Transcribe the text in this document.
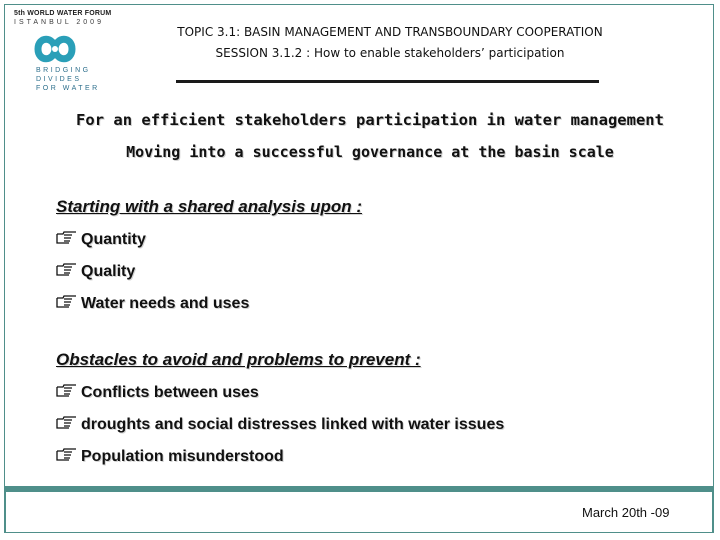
5th WORLD WATER FORUM
ISTANBUL 2009
BRIDGING
DIVIDES
FOR WATER
TOPIC 3.1: BASIN MANAGEMENT AND TRANSBOUNDARY COOPERATION
SESSION 3.1.2 : How to enable stakeholders’ participation
For an efficient stakeholders participation in water management
Moving into a successful governance at the basin scale
Starting with a shared analysis upon :
Quantity
Quality
Water needs and uses
Obstacles to avoid and problems to prevent :
Conflicts between uses
droughts and social distresses linked with water issues
Population misunderstood
March 20th -09
